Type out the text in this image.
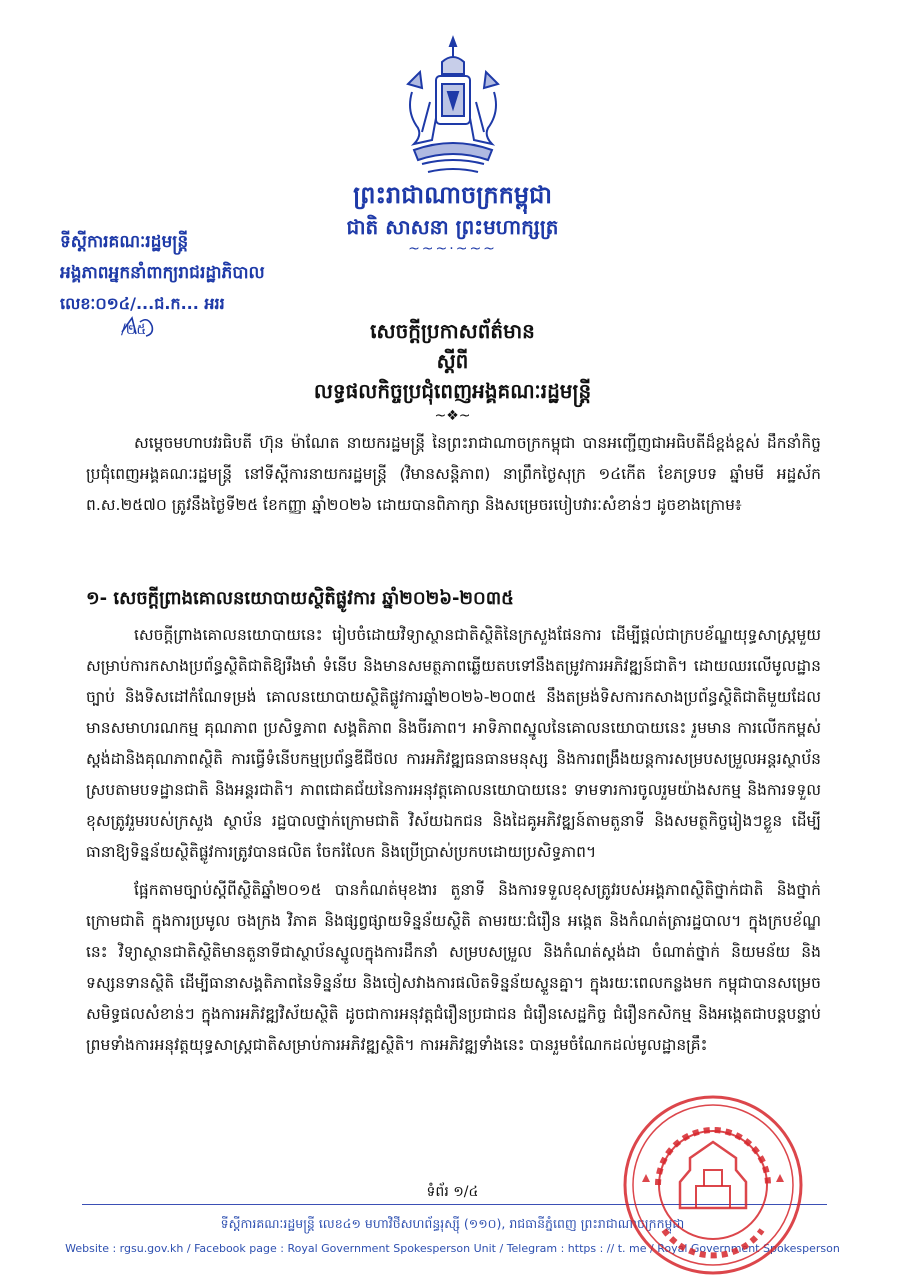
ព្រះរាជាណាចក្រកម្ពុជា
ជាតិ សាសនា ព្រះមហាក្សត្រ
~~~·~~~
ទីស្តីការគណៈរដ្ឋមន្ត្រី
អង្គភាពអ្នកនាំពាក្យរាជរដ្ឋាភិបាល
លេខៈ០១៤/...ជ.ក... អររ
/២៥	សេចក្តីប្រកាសព័ត៌មាន
ស្តីពី
លទ្ធផលកិច្ចប្រជុំពេញអង្គគណៈរដ្ឋមន្ត្រី
~❖~

សម្តេចមហាបវរធិបតី ហ៊ុន ម៉ាណែត នាយករដ្ឋមន្ត្រី នៃព្រះរាជាណាចក្រកម្ពុជា បានអញ្ជើញជាអធិបតីដ៏ខ្ពង់ខ្ពស់ ដឹកនាំកិច្ចប្រជុំពេញអង្គគណៈរដ្ឋមន្ត្រី នៅទីស្តីការនាយករដ្ឋមន្ត្រី (វិមានសន្តិភាព) នាព្រឹកថ្ងៃសុក្រ ១៤កើត ខែភទ្របទ ឆ្នាំមមី អដ្ឋស័ក ព.ស.២៥៧០ ត្រូវនឹងថ្ងៃទី២៥ ខែកញ្ញា ឆ្នាំ២០២៦ ដោយបានពិភាក្សា និងសម្រេចរបៀបវារៈសំខាន់ៗ ដូចខាងក្រោម៖

១- សេចក្តីព្រាងគោលនយោបាយស្ថិតិផ្លូវការ ឆ្នាំ២០២៦-២០៣៥

សេចក្តីព្រាងគោលនយោបាយនេះ រៀបចំដោយវិទ្យាស្ថានជាតិស្ថិតិនៃក្រសួងផែនការ ដើម្បីផ្តល់ជាក្របខ័ណ្ឌយុទ្ធសាស្ត្រមួយសម្រាប់ការកសាងប្រព័ន្ធស្ថិតិជាតិឱ្យរឹងមាំ ទំនើប និងមានសមត្ថភាពឆ្លើយតបទៅនឹងតម្រូវការអភិវឌ្ឍន៍ជាតិ។ ដោយឈរលើមូលដ្ឋានច្បាប់ និងទិសដៅកំណែទម្រង់ គោលនយោបាយស្ថិតិផ្លូវការឆ្នាំ២០២៦-២០៣៥ នឹងតម្រង់ទិសការកសាងប្រព័ន្ធស្ថិតិជាតិមួយដែលមានសមាហរណកម្ម គុណភាព ប្រសិទ្ធភាព សង្គតិភាព និងចីរភាព។ អាទិភាពស្នូលនៃគោលនយោបាយនេះ រួមមាន ការលើកកម្ពស់ស្តង់ដានិងគុណភាពស្ថិតិ ការធ្វើទំនើបកម្មប្រព័ន្ធឌីជីថល ការអភិវឌ្ឍធនធានមនុស្ស និងការពង្រឹងយន្តការសម្របសម្រួលអន្តរស្ថាប័នស្របតាមបទដ្ឋានជាតិ និងអន្តរជាតិ។ ភាពជោគជ័យនៃការអនុវត្តគោលនយោបាយនេះ ទាមទារការចូលរួមយ៉ាងសកម្ម និងការទទួលខុសត្រូវរួមរបស់ក្រសួង ស្ថាប័ន រដ្ឋបាលថ្នាក់ក្រោមជាតិ វិស័យឯកជន និងដៃគូអភិវឌ្ឍន៍តាមតួនាទី និងសមត្ថកិច្ចរៀងៗខ្លួន ដើម្បីធានាឱ្យទិន្នន័យស្ថិតិផ្លូវការត្រូវបានផលិត ចែករំលែក និងប្រើប្រាស់ប្រកបដោយប្រសិទ្ធភាព។

ផ្អែកតាមច្បាប់ស្តីពីស្ថិតិឆ្នាំ២០១៥ បានកំណត់មុខងារ តួនាទី និងការទទួលខុសត្រូវរបស់អង្គភាពស្ថិតិថ្នាក់ជាតិ និងថ្នាក់ក្រោមជាតិ ក្នុងការប្រមូល ចងក្រង វិភាគ និងផ្សព្វផ្សាយទិន្នន័យស្ថិតិ តាមរយៈជំរឿន អង្កេត និងកំណត់ត្រារដ្ឋបាល។ ក្នុងក្របខ័ណ្ឌនេះ វិទ្យាស្ថានជាតិស្ថិតិមានតួនាទីជាស្ថាប័នស្នូលក្នុងការដឹកនាំ សម្របសម្រួល និងកំណត់ស្តង់ដា ចំណាត់ថ្នាក់ និយមន័យ និងទស្សនទានស្ថិតិ ដើម្បីធានាសង្គតិភាពនៃទិន្នន័យ និងចៀសវាងការផលិតទិន្នន័យស្ទួនគ្នា។ ក្នុងរយៈពេលកន្លងមក កម្ពុជាបានសម្រេចសមិទ្ធផលសំខាន់ៗ ក្នុងការអភិវឌ្ឍវិស័យស្ថិតិ ដូចជាការអនុវត្តជំរឿនប្រជាជន ជំរឿនសេដ្ឋកិច្ច ជំរឿនកសិកម្ម និងអង្កេតជាបន្តបន្ទាប់ ព្រមទាំងការអនុវត្តយុទ្ធសាស្ត្រជាតិសម្រាប់ការអភិវឌ្ឍស្ថិតិ។ ការអភិវឌ្ឍទាំងនេះ បានរួមចំណែកដល់មូលដ្ឋានគ្រឹះ

ទំព័រ ១/៤
ទីស្តីការគណៈរដ្ឋមន្ត្រី លេខ៤១ មហាវិថីសហព័ន្ធរុស្ស៊ី (១១០), រាជធានីភ្នំពេញ ព្រះរាជាណាចក្រកម្ពុជា
Website : rgsu.gov.kh / Facebook page : Royal Government Spokesperson Unit / Telegram : https : // t. me / Royal Government Spokesperson
